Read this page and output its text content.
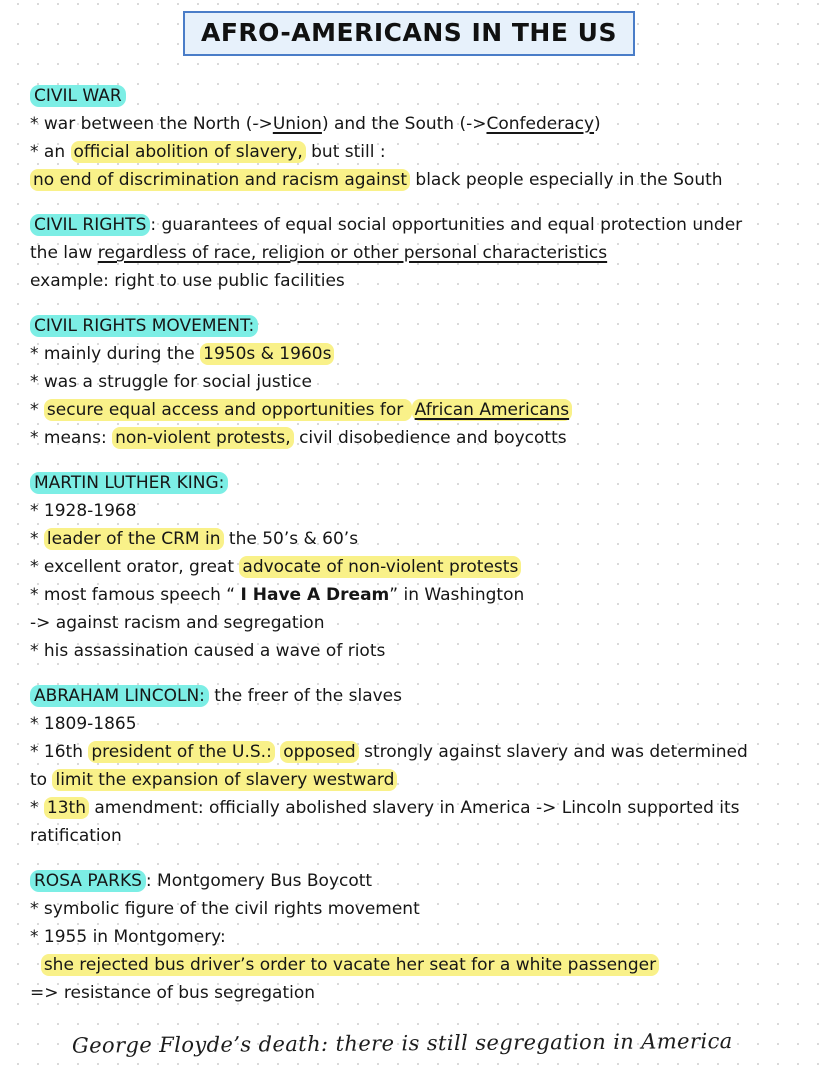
AFRO-AMERICANS IN THE US
CIVIL WAR
* war between the North (->Union) and the South (->Confederacy)
* an official abolition of slavery, but still :
no end of discrimination and racism against black people especially in the South
CIVIL RIGHTS : guarantees of equal social opportunities and equal protection under
the law regardless of race, religion or other personal characteristics
example: right to use public facilities
CIVIL RIGHTS MOVEMENT:
* mainly during the 1950s & 1960s
* was a struggle for social justice
* secure equal access and opportunities for African Americans
* means: non-violent protests, civil disobedience and boycotts
MARTIN LUTHER KING:
* 1928-1968
* leader of the CRM in the 50’s & 60’s
* excellent orator, great advocate of non-violent protests
* most famous speech “ I Have A Dream” in Washington
-> against racism and segregation
* his assassination caused a wave of riots
ABRAHAM LINCOLN: the freer of the slaves
* 1809-1865
* 16th president of the U.S.: opposed strongly against slavery and was determined
to limit the expansion of slavery westward
* 13th amendment: officially abolished slavery in America -> Lincoln supported its
ratification
ROSA PARKS : Montgomery Bus Boycott
* symbolic figure of the civil rights movement
* 1955 in Montgomery:
she rejected bus driver’s order to vacate her seat for a white passenger
=> resistance of bus segregation
George Floyde’s death: there is still segregation in America
